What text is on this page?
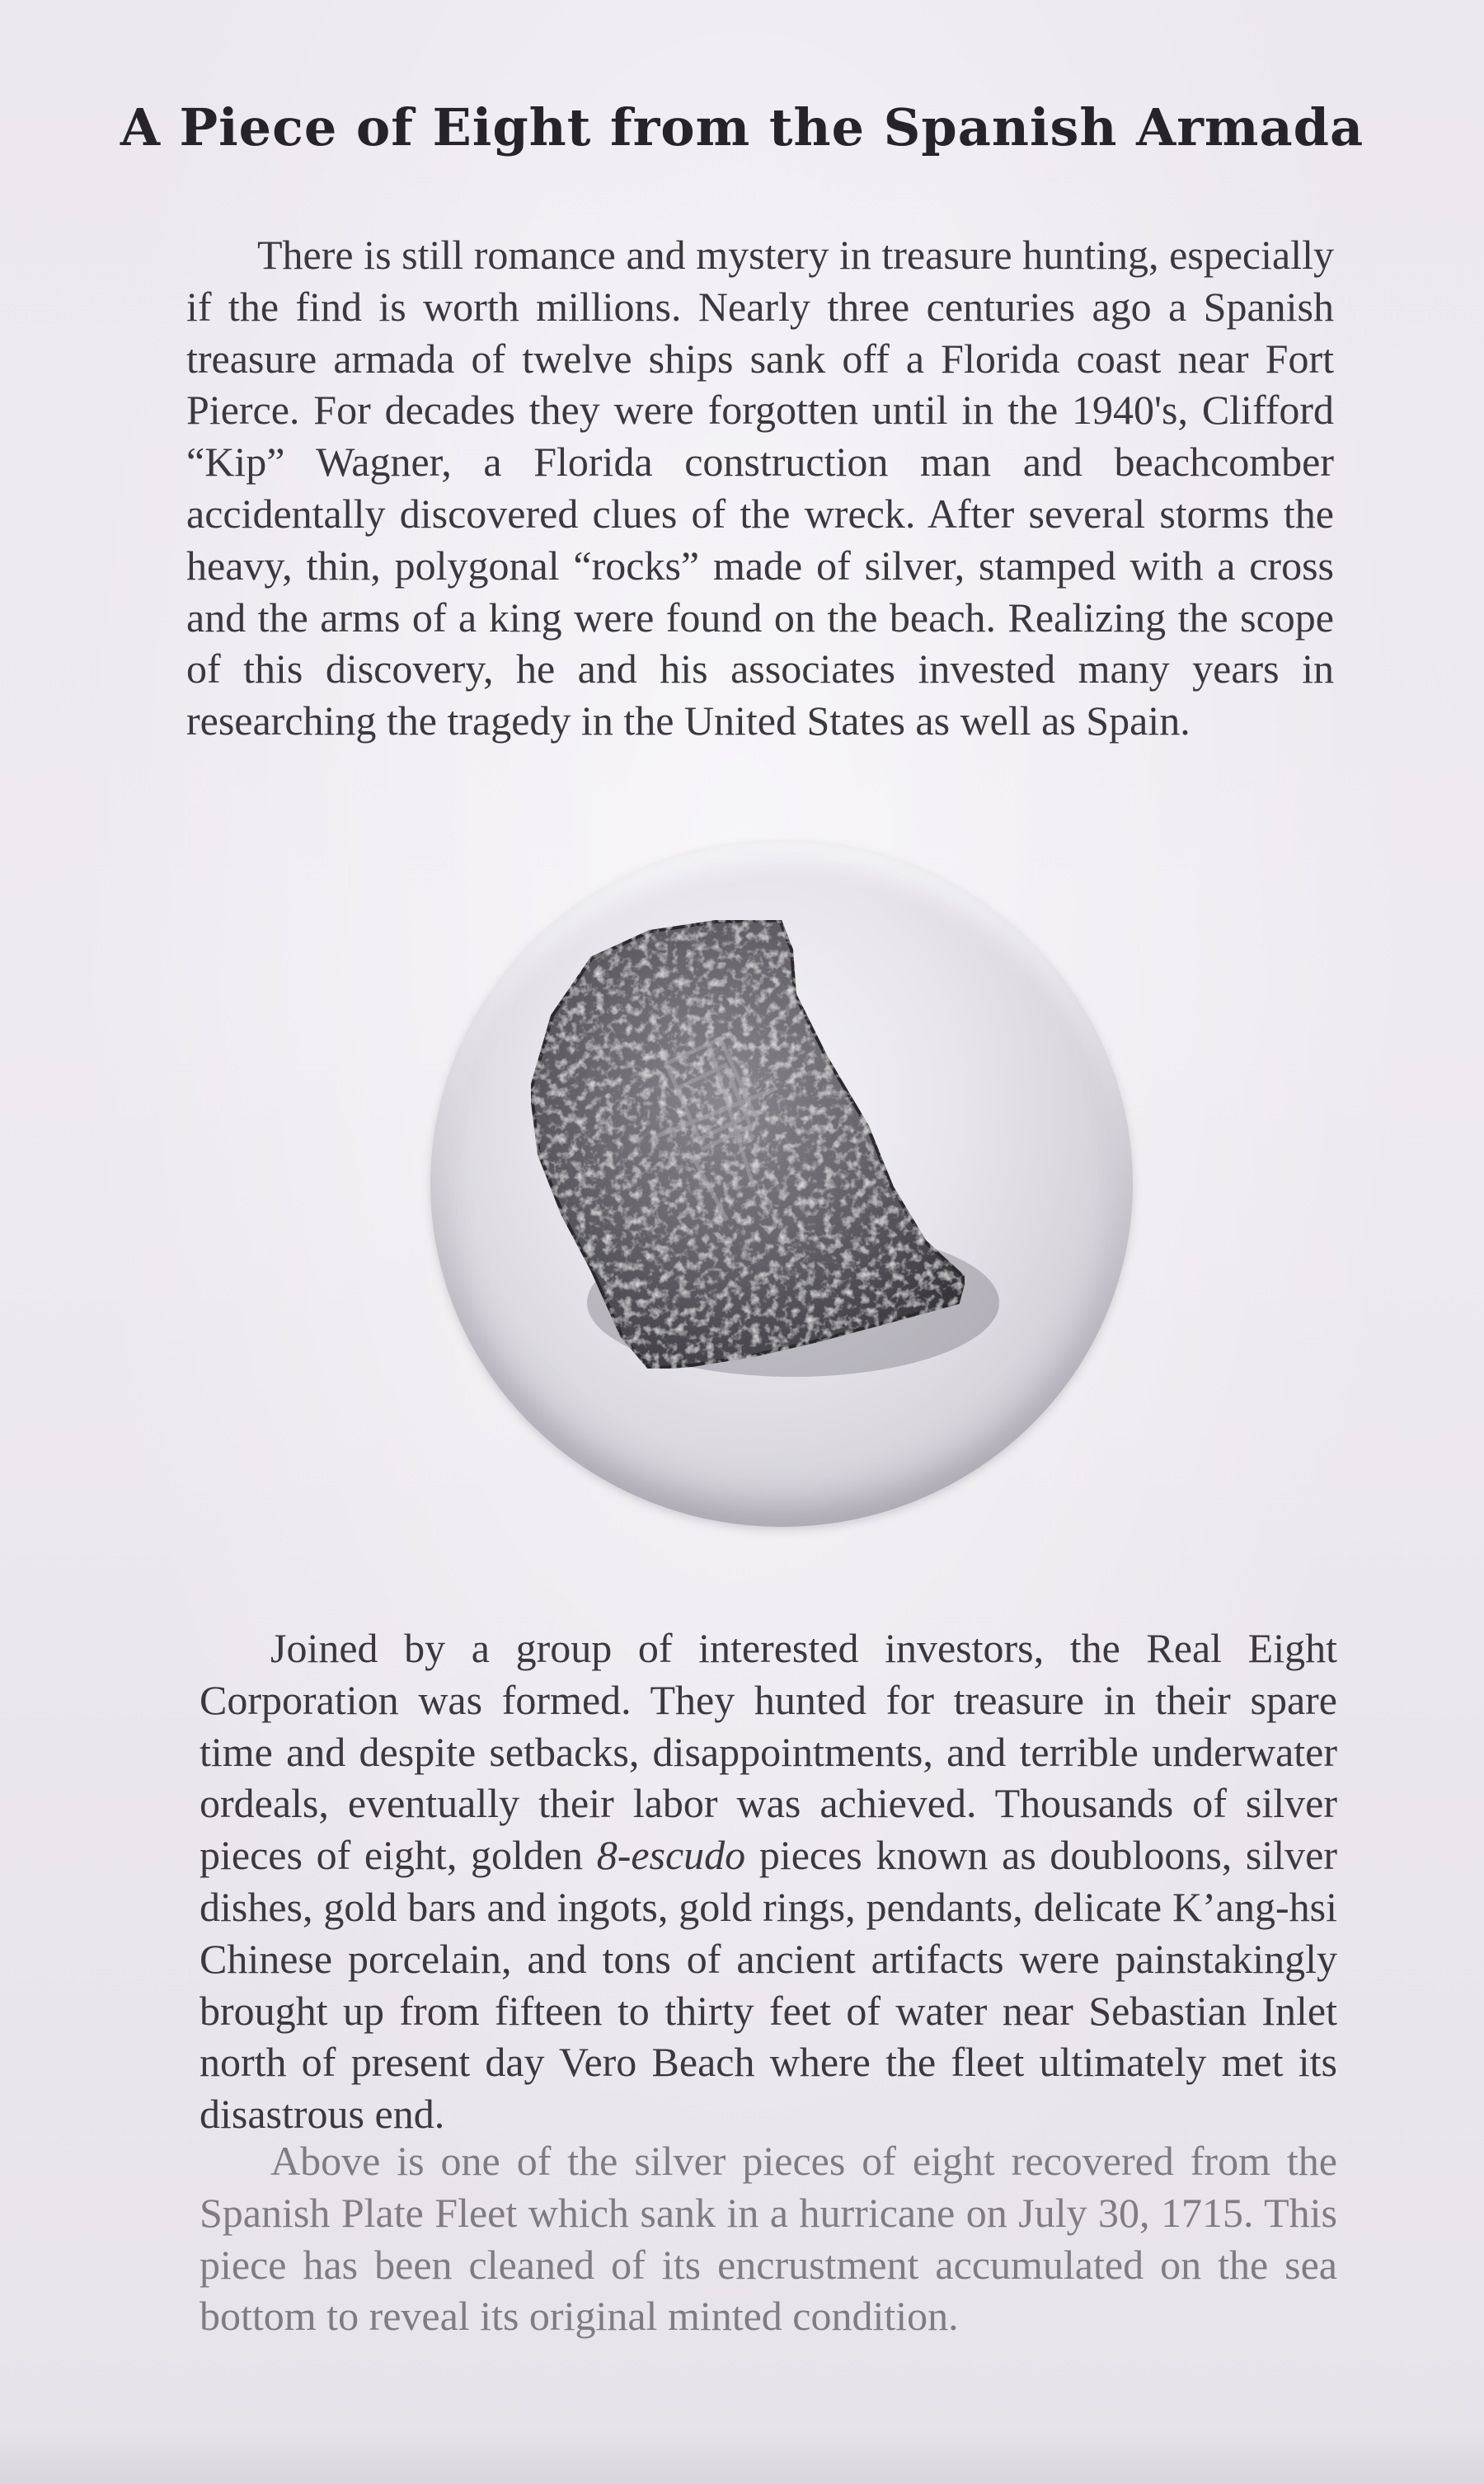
A Piece of Eight from the Spanish Armada

There is still romance and mystery in treasure hunting, especially if the find is worth millions. Nearly three centuries ago a Spanish treasure armada of twelve ships sank off a Florida coast near Fort Pierce. For decades they were forgotten until in the 1940's, Clifford “Kip” Wagner, a Florida construction man and beachcomber accidentally discovered clues of the wreck. After several storms the heavy, thin, polygonal “rocks” made of silver, stamped with a cross and the arms of a king were found on the beach. Realizing the scope of this discovery, he and his associates invested many years in researching the tragedy in the United States as well as Spain.

Joined by a group of interested investors, the Real Eight Corporation was formed. They hunted for treasure in their spare time and despite setbacks, disappointments, and terrible underwater ordeals, eventually their labor was achieved. Thousands of silver pieces of eight, golden 8-escudo pieces known as doubloons, silver dishes, gold bars and ingots, gold rings, pendants, delicate K’ang-hsi Chinese porcelain, and tons of ancient artifacts were painstakingly brought up from fifteen to thirty feet of water near Sebastian Inlet north of present day Vero Beach where the fleet ultimately met its disastrous end.

Above is one of the silver pieces of eight recovered from the Spanish Plate Fleet which sank in a hurricane on July 30, 1715. This piece has been cleaned of its encrustment accumulated on the sea bottom to reveal its original minted condition.
